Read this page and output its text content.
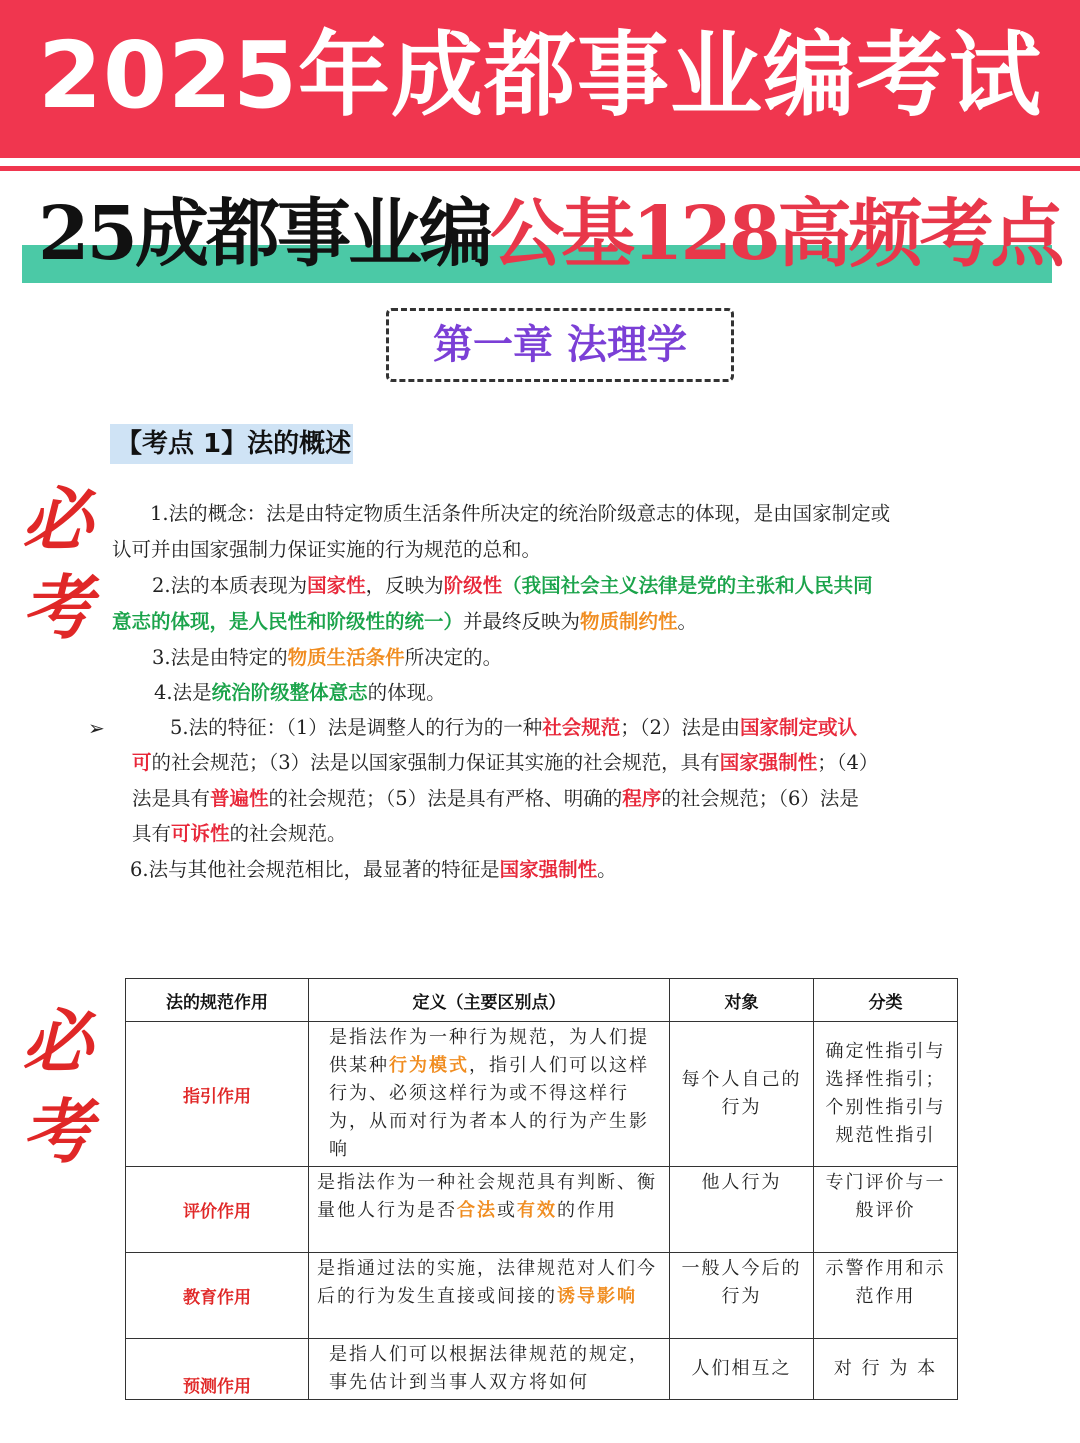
2025年成都事业编考试
25成都事业编公基128高频考点
第一章 法理学
【考点 1】法的概述
必
考
必
考
1.法的概念：法是由特定物质生活条件所决定的统治阶级意志的体现，是由国家制定或
认可并由国家强制力保证实施的行为规范的总和。
2.法的本质表现为国家性，反映为阶级性（我国社会主义法律是党的主张和人民共同
意志的体现，是人民性和阶级性的统一）并最终反映为物质制约性。
3.法是由特定的物质生活条件所决定的。
4.法是统治阶级整体意志的体现。
➢	5.法的特征：（1）法是调整人的行为的一种社会规范；（2）法是由国家制定或认
可的社会规范；（3）法是以国家强制力保证其实施的社会规范，具有国家强制性；（4）
法是具有普遍性的社会规范；（5）法是具有严格、明确的程序的社会规范；（6）法是
具有可诉性的社会规范。
6.法与其他社会规范相比，最显著的特征是国家强制性。
法的规范作用	定义（主要区别点）	对象	分类
指引作用	是指法作为一种行为规范，为人们提供某种行为模式，指引人们可以这样行为、必须这样行为或不得这样行为，从而对行为者本人的行为产生影响	每个人自己的行为	确定性指引与选择性指引；个别性指引与规范性指引
评价作用	是指法作为一种社会规范具有判断、衡量他人行为是否合法或有效的作用	他人行为	专门评价与一般评价
教育作用	是指通过法的实施，法律规范对人们今后的行为发生直接或间接的诱导影响	一般人今后的行为	示警作用和示范作用
预测作用	是指人们可以根据法律规范的规定，事先估计到当事人双方将如何	人们相互之	对 行 为 本
